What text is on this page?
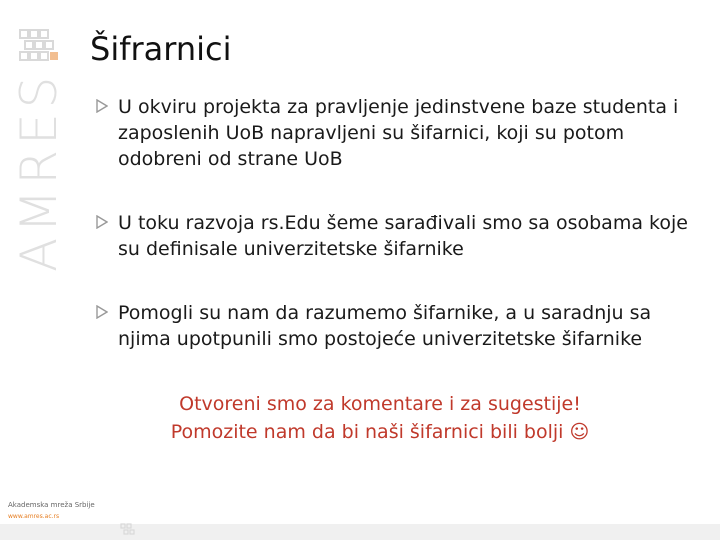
AMRES
Šifrarnici
U okviru projekta za pravljenje jedinstvene baze studenta i zaposlenih UoB napravljeni su šifarnici, koji su potom odobreni od strane UoB
U toku razvoja rs.Edu šeme sarađivali smo sa osobama koje su definisale univerzitetske šifarnike
Pomogli su nam da razumemo šifarnike, a u saradnju sa njima upotpunili smo postojeće univerzitetske šifarnike
Otvoreni smo za komentare i za sugestije!
Pomozite nam da bi naši šifarnici bili bolji ☺
Akademska mreža Srbije
www.amres.ac.rs
